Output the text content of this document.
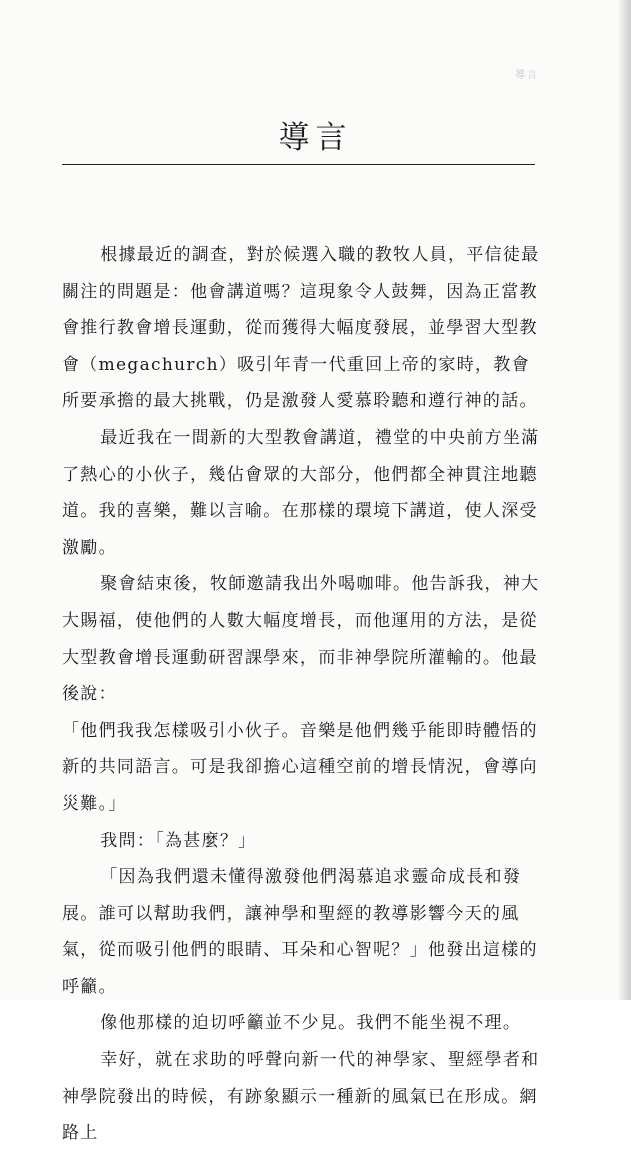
導言
導言

根據最近的調查，對於候選入職的教牧人員，平信徒最關注的問題是：他會講道嗎？這現象令人鼓舞，因為正當教會推行教會增長運動，從而獲得大幅度發展，並學習大型教會（megachurch）吸引年青一代重回上帝的家時，教會所要承擔的最大挑戰，仍是激發人愛慕聆聽和遵行神的話。

最近我在一間新的大型教會講道，禮堂的中央前方坐滿了熱心的小伙子，幾佔會眾的大部分，他們都全神貫注地聽道。我的喜樂，難以言喻。在那樣的環境下講道，使人深受激勵。

聚會結束後，牧師邀請我出外喝咖啡。他告訴我，神大大賜福，使他們的人數大幅度增長，而他運用的方法，是從大型教會增長運動研習課學來，而非神學院所灌輸的。他最後說：

「他們我我怎樣吸引小伙子。音樂是他們幾乎能即時體悟的新的共同語言。可是我卻擔心這種空前的增長情況，會導向災難。」

我問：「為甚麼？」

「因為我們還未懂得激發他們渴慕追求靈命成長和發展。誰可以幫助我們，讓神學和聖經的教導影響今天的風氣，從而吸引他們的眼睛、耳朵和心智呢？」他發出這樣的呼籲。

像他那樣的迫切呼籲並不少見。我們不能坐視不理。

幸好，就在求助的呼聲向新一代的神學家、聖經學者和神學院發出的時候，有跡象顯示一種新的風氣已在形成。網路上
